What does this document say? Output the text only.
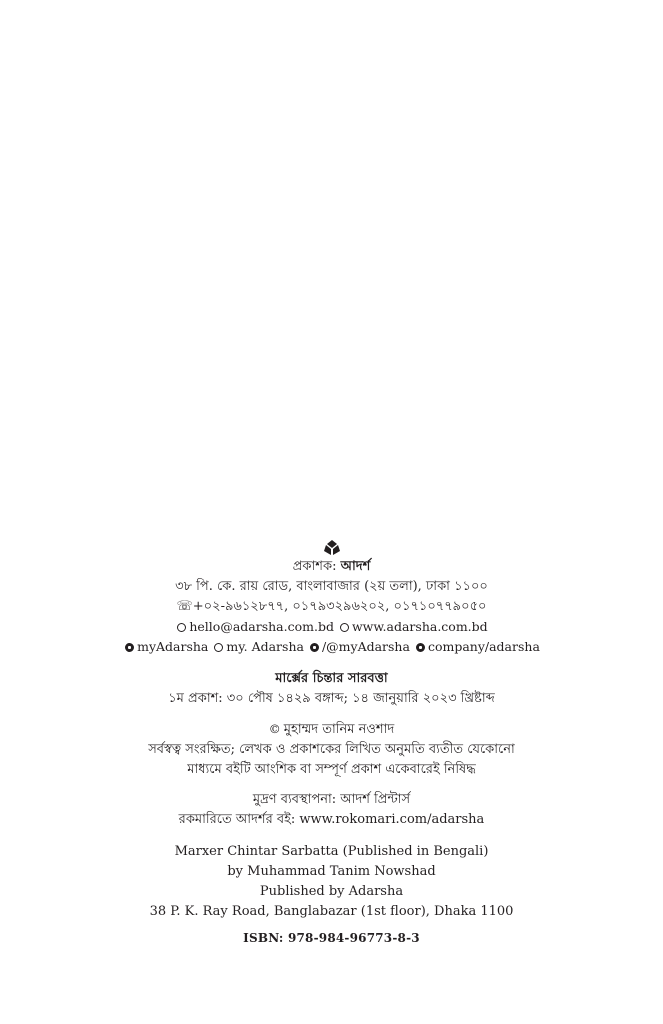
প্রকাশক: আদর্শ
৩৮ পি. কে. রায় রোড, বাংলাবাজার (২য় তলা), ঢাকা ১১০০
☏+০২-৯৬১২৮৭৭, ০১৭৯৩২৯৬২০২, ০১৭১০৭৭৯০৫০
hello@adarsha.com.bd www.adarsha.com.bd
myAdarsha my. Adarsha /@myAdarsha company/adarsha
মার্ক্সের চিন্তার সারবত্তা
১ম প্রকাশ: ৩০ পৌষ ১৪২৯ বঙ্গাব্দ; ১৪ জানুয়ারি ২০২৩ খ্রিষ্টাব্দ
© মুহাম্মদ তানিম নওশাদ
সর্বস্বত্ব সংরক্ষিত; লেখক ও প্রকাশকের লিখিত অনুমতি ব্যতীত যেকোনো
মাধ্যমে বইটি আংশিক বা সম্পূর্ণ প্রকাশ একেবারেই নিষিদ্ধ
মুদ্রণ ব্যবস্থাপনা: আদর্শ প্রিন্টার্স
রকমারিতে আদর্শর বই: www.rokomari.com/adarsha
Marxer Chintar Sarbatta (Published in Bengali)
by Muhammad Tanim Nowshad
Published by Adarsha
38 P. K. Ray Road, Banglabazar (1st floor), Dhaka 1100
ISBN: 978-984-96773-8-3
